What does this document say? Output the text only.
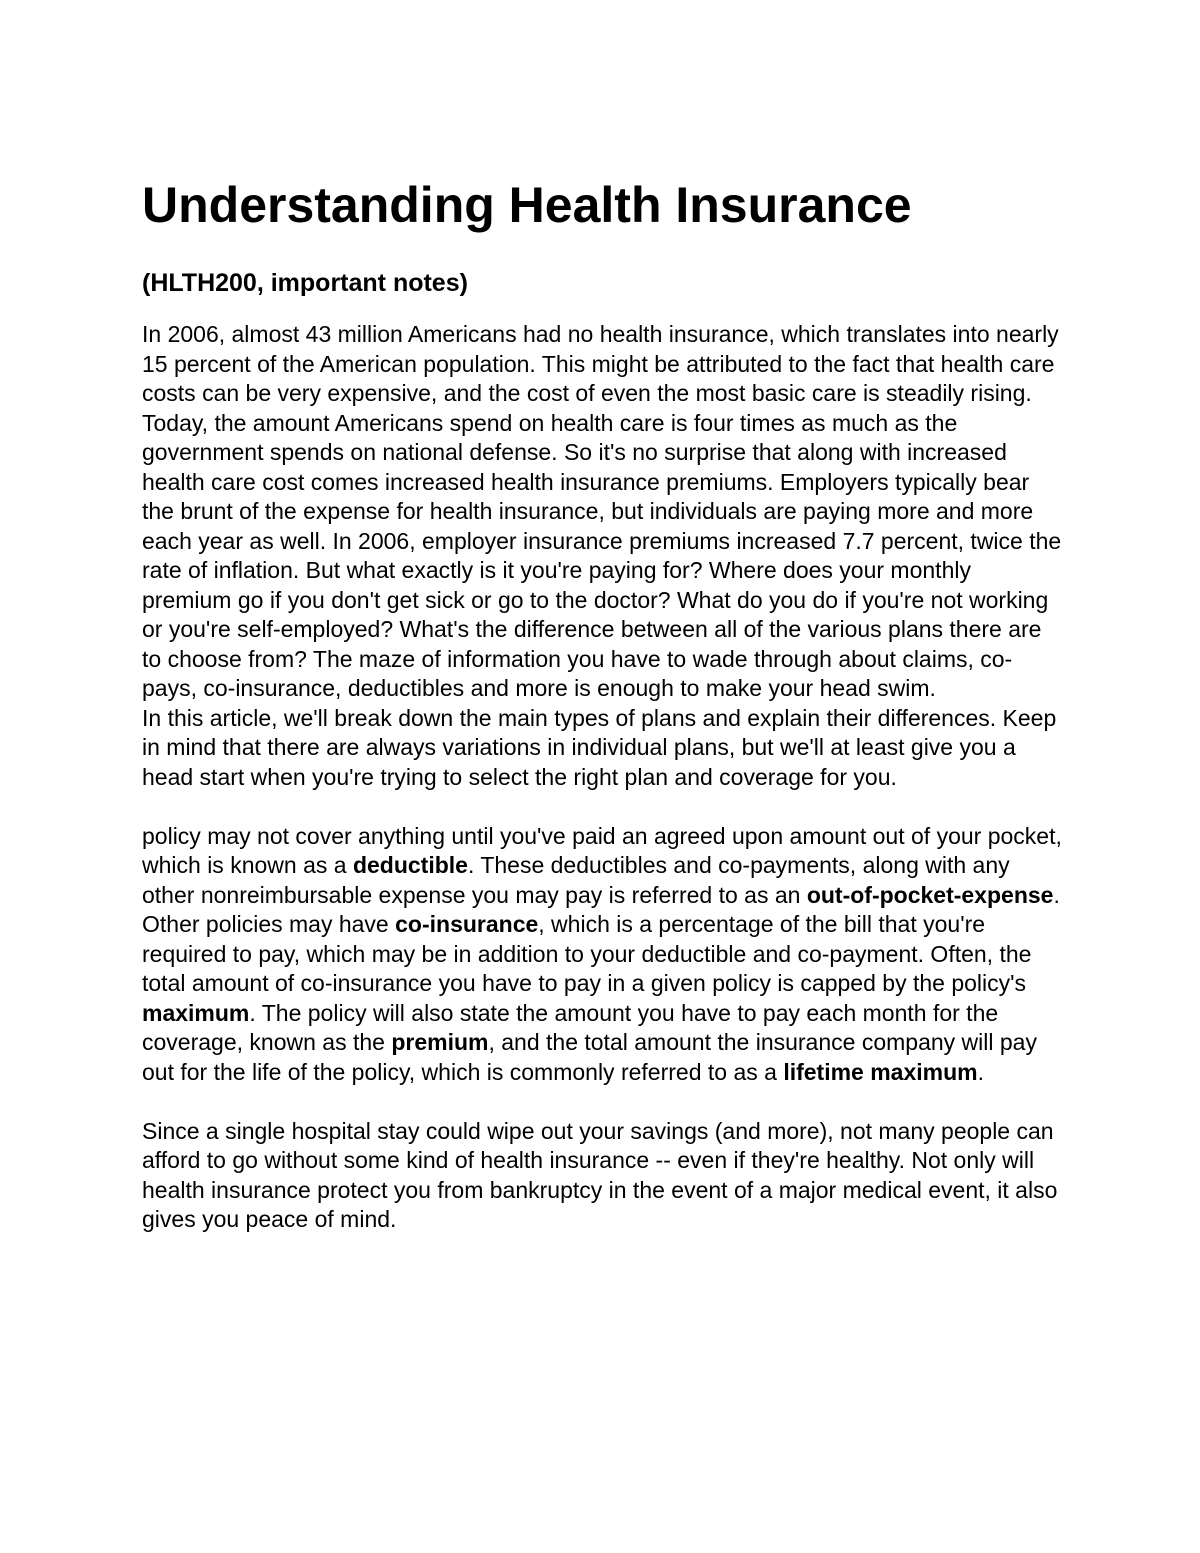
Understanding Health Insurance
(HLTH200, important notes)

In 2006, almost 43 million Americans had no health insurance, which translates into nearly 15 percent of the American population. This might be attributed to the fact that health care costs can be very expensive, and the cost of even the most basic care is steadily rising. Today, the amount Americans spend on health care is four times as much as the government spends on national defense. So it's no surprise that along with increased health care cost comes increased health insurance premiums. Employers typically bear the brunt of the expense for health insurance, but individuals are paying more and more each year as well. In 2006, employer insurance premiums increased 7.7 percent, twice the rate of inflation. But what exactly is it you're paying for? Where does your monthly premium go if you don't get sick or go to the doctor? What do you do if you're not working or you're self-employed? What's the difference between all of the various plans there are to choose from? The maze of information you have to wade through about claims, co-pays, co-insurance, deductibles and more is enough to make your head swim.

In this article, we'll break down the main types of plans and explain their differences. Keep in mind that there are always variations in individual plans, but we'll at least give you a head start when you're trying to select the right plan and coverage for you.

policy may not cover anything until you've paid an agreed upon amount out of your pocket, which is known as a deductible. These deductibles and co-payments, along with any other nonreimbursable expense you may pay is referred to as an out-of-pocket-expense. Other policies may have co-insurance, which is a percentage of the bill that you're required to pay, which may be in addition to your deductible and co-payment. Often, the total amount of co-insurance you have to pay in a given policy is capped by the policy's maximum. The policy will also state the amount you have to pay each month for the coverage, known as the premium, and the total amount the insurance company will pay out for the life of the policy, which is commonly referred to as a lifetime maximum.

Since a single hospital stay could wipe out your savings (and more), not many people can afford to go without some kind of health insurance -- even if they're healthy. Not only will health insurance protect you from bankruptcy in the event of a major medical event, it also gives you peace of mind.
